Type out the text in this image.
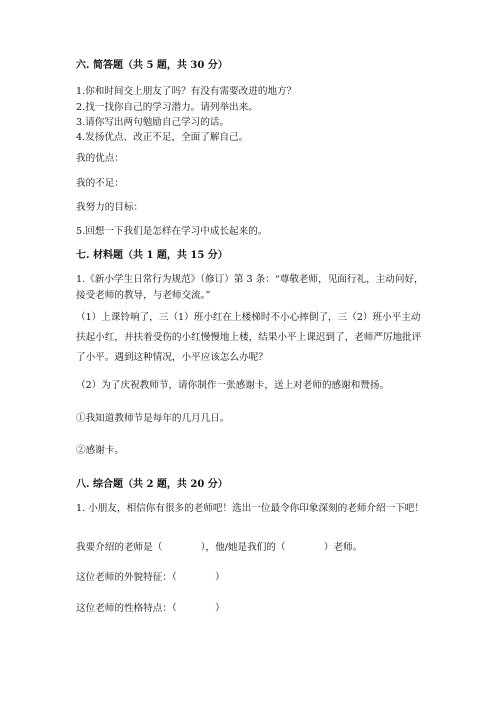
六. 简答题（共 5 题，共 30 分）
1.你和时间交上朋友了吗？有没有需要改进的地方？
2.找一找你自己的学习潜力。请列举出来。
3.请你写出两句勉励自己学习的话。
4.发扬优点、改正不足，全面了解自己。
我的优点：
我的不足：
我努力的目标：
5.回想一下我们是怎样在学习中成长起来的。
七. 材料题（共 1 题，共 15 分）
1.《新小学生日常行为规范》（修订）第 3 条：“尊敬老师，见面行礼，主动问好，接受老师的教导，与老师交流。”
（1）上课铃响了，三（1）班小红在上楼梯时不小心摔倒了，三（2）班小平主动扶起小红，并扶着受伤的小红慢慢地上楼，结果小平上课迟到了，老师严厉地批评了小平。遇到这种情况，小平应该怎么办呢？
（2）为了庆祝教师节，请你制作一张感谢卡，送上对老师的感谢和赞扬。
①我知道教师节是每年的几月几日。
②感谢卡。
八. 综合题（共 2 题，共 20 分）
1. 小朋友，相信你有很多的老师吧！选出一位最令你印象深刻的老师介绍一下吧！
我要介绍的老师是（　　　　），他/她是我们的（　　　　）老师。
这位老师的外貌特征：（　　　　）
这位老师的性格特点：（　　　　）
